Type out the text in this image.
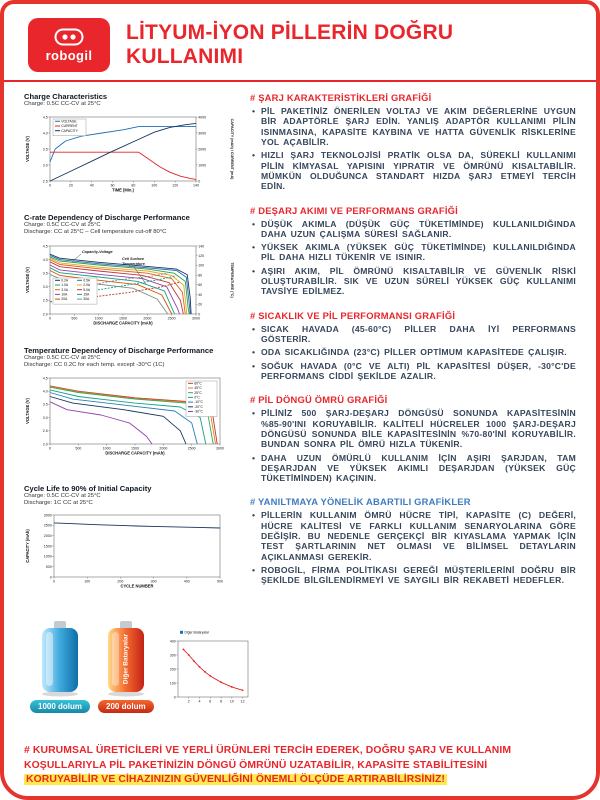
robogil
LİTYUM-İYON PİLLERİN DOĞRU
KULLANIMI
Charge Characteristics
Charge: 0.5C CC-CV at 25°C
0	20	40	60	80	100	120	140
2.5
3.0
3.5
4.0
4.5
0
1000
2000
3000
4000
TIME (Min.)
VOLTAGE (V)	CAPACITY (mAh) / CURRENT (mA)
VOLTAGE
CURRENT
CAPACITY
C-rate Dependency of Discharge Performance
Charge: 0.5C CC-CV at 25°C
Discharge: CC at 25°C – Cell temperature cut-off 80°C
0	500	1000	1500	2000	2500	3000
2.0
2.5
3.0
3.5
4.0
4.5
0
20
40
60
80
100
120
140
DISCHARGE CAPACITY (mAh)
VOLTAGE (V)	TEMPERATURE (°C)
0.2A	0.5A
1.0A	2.0A
3.0A	5.0A
10A	15A
20A	30A
Capacity-Voltage
Cell Surface
Temperature
Temperature Dependency of Discharge Performance
Charge: 0.5C CC-CV at 25°C
Discharge: CC 0.2C for each temp. except -30°C (1C)
0	500	1000	1500	2000	2500	3000
2.0
2.5
3.0
3.5
4.0
4.5
DISCHARGE CAPACITY (mAh)
VOLTAGE (V)
60°C
45°C
25°C
0°C
-10°C
-20°C
-30°C
Cycle Life to 90% of Initial Capacity
Charge: 0.5C CC-CV at 25°C
Discharge: 1C CC at 25°C
0	100	200	300	400	500
0
500
1000
1500
2000
2500
3000
CYCLE NUMBER
CAPACITY (mAh)
1000 dolum
Diğer Bataryalar
200 dolum
2 4 6 8 10 12
0
100
200
300
400
Diğer Bataryalar
# ŞARJ KARAKTERİSTİKLERİ GRAFİĞİ
• PİL PAKETİNİZ ÖNERİLEN VOLTAJ VE AKIM DEĞERLERİNE UYGUN BİR ADAPTÖRLE ŞARJ EDİN. YANLIŞ ADAPTÖR KULLANIMI PİLİN ISINMASINA, KAPASİTE KAYBINA VE HATTA GÜVENLİK RİSKLERİNE YOL AÇABİLİR.
• HIZLI ŞARJ TEKNOLOJİSİ PRATİK OLSA DA, SÜREKLİ KULLANIMI PİLİN KİMYASAL YAPISINI YIPRATIR VE ÖMRÜNÜ KISALTABİLİR. MÜMKÜN OLDUĞUNCA STANDART HIZDA ŞARJ ETMEYİ TERCİH EDİN.
# DEŞARJ AKIMI VE PERFORMANS GRAFİĞİ
• DÜŞÜK AKIMLA (DÜŞÜK GÜÇ TÜKETİMİNDE) KULLANILDIĞINDA DAHA UZUN ÇALIŞMA SÜRESİ SAĞLANIR.
• YÜKSEK AKIMLA (YÜKSEK GÜÇ TÜKETİMİNDE) KULLANILDIĞINDA PİL DAHA HIZLI TÜKENİR VE ISINIR.
• AŞIRI AKIM, PİL ÖMRÜNÜ KISALTABİLİR VE GÜVENLİK RİSKİ OLUŞTURABİLİR. SIK VE UZUN SÜRELİ YÜKSEK GÜÇ KULLANIMI TAVSİYE EDİLMEZ.
# SICAKLIK VE PİL PERFORMANSI GRAFİĞİ
• SICAK HAVADA (45-60°C) PİLLER DAHA İYİ PERFORMANS GÖSTERİR.
• ODA SICAKLIĞINDA (23°C) PİLLER OPTİMUM KAPASİTEDE ÇALIŞIR.
• SOĞUK HAVADA (0°C VE ALTI) PİL KAPASİTESİ DÜŞER, -30°C'DE PERFORMANS CİDDİ ŞEKİLDE AZALIR.
# PİL DÖNGÜ ÖMRÜ GRAFİĞİ
• PİLİNİZ 500 ŞARJ-DEŞARJ DÖNGÜSÜ SONUNDA KAPASİTESİNİN %85-90'INI KORUYABİLİR. KALİTELİ HÜCRELER 1000 ŞARJ-DEŞARJ DÖNGÜSÜ SONUNDA BİLE KAPASİTESİNİN %70-80'İNİ KORUYABİLİR. BUNDAN SONRA PİL ÖMRÜ HIZLA TÜKENİR.
• DAHA UZUN ÖMÜRLÜ KULLANIM İÇİN AŞIRI ŞARJDAN, TAM DEŞARJDAN VE YÜKSEK AKIMLI DEŞARJDAN (YÜKSEK GÜÇ TÜKETİMİNDEN) KAÇININ.
# YANILTMAYA YÖNELİK ABARTILI GRAFİKLER
• PİLLERİN KULLANIM ÖMRÜ HÜCRE TİPİ, KAPASİTE (C) DEĞERİ, HÜCRE KALİTESİ VE FARKLI KULLANIM SENARYOLARINA GÖRE DEĞİŞİR. BU NEDENLE GERÇEKÇİ BİR KIYASLAMA YAPMAK İÇİN TEST ŞARTLARININ NET OLMASI VE BİLİMSEL DETAYLARIN AÇIKLANMASI GEREKİR.
• ROBOGİL, FİRMA POLİTİKASI GEREĞİ MÜŞTERİLERİNİ DOĞRU BİR ŞEKİLDE BİLGİLENDİRMEYİ VE SAYGILI BİR REKABETİ HEDEFLER.
# KURUMSAL ÜRETİCİLERİ VE YERLİ ÜRÜNLERİ TERCİH EDEREK, DOĞRU ŞARJ VE KULLANIM
KOŞULLARIYLA PİL PAKETİNİZİN DÖNGÜ ÖMRÜNÜ UZATABİLİR, KAPASİTE STABİLİTESİNİ
KORUYABİLİR VE CİHAZINIZIN GÜVENLİĞİNİ ÖNEMLİ ÖLÇÜDE ARTIRABİLİRSİNİZ!
